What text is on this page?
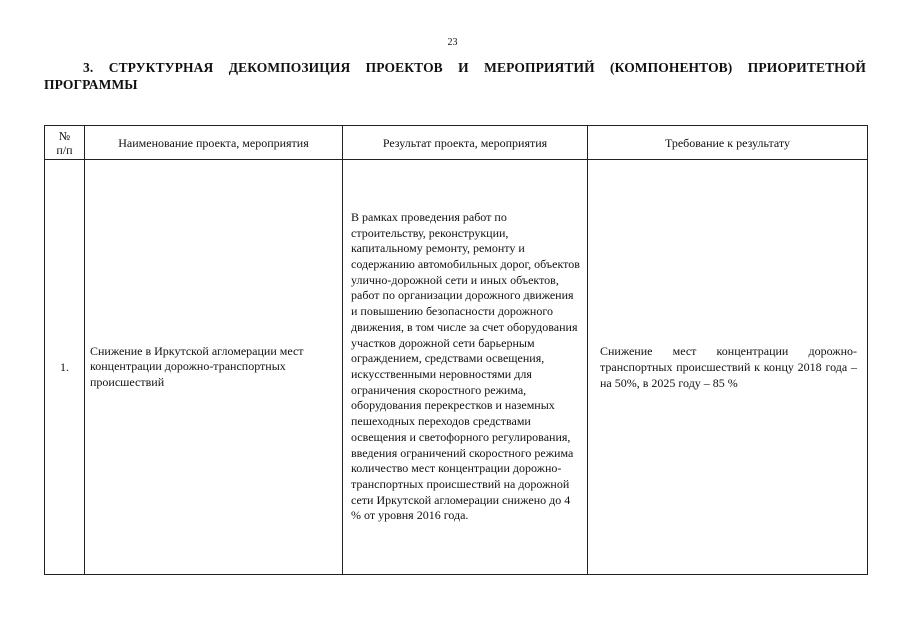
23
3. СТРУКТУРНАЯ ДЕКОМПОЗИЦИЯ ПРОЕКТОВ И МЕРОПРИЯТИЙ (КОМПОНЕНТОВ) ПРИОРИТЕТНОЙ ПРОГРАММЫ
№ п/п	Наименование проекта, мероприятия	Результат проекта, мероприятия	Требование к результату

1.	Снижение в Иркутской агломерации мест концентрации дорожно-транспортных происшествий	В рамках проведения работ по строительству, реконструкции, капитальному ремонту, ремонту и содержанию автомобильных дорог, объектов улично-дорожной сети и иных объектов, работ по организации дорожного движения и повышению безопасности дорожного движения, в том числе за счет оборудования участков дорожной сети барьерным ограждением, средствами освещения, искусственными неровностями для ограничения скоростного режима, оборудования перекрестков и наземных пешеходных переходов средствами освещения и светофорного регулирования, введения ограничений скоростного режима количество мест концентрации дорожно-транспортных происшествий на дорожной сети Иркутской агломерации снижено до 4 % от уровня 2016 года.	Снижение мест концентрации дорожно-транспортных происшествий к концу 2018 года – на 50%, в 2025 году – 85 %
